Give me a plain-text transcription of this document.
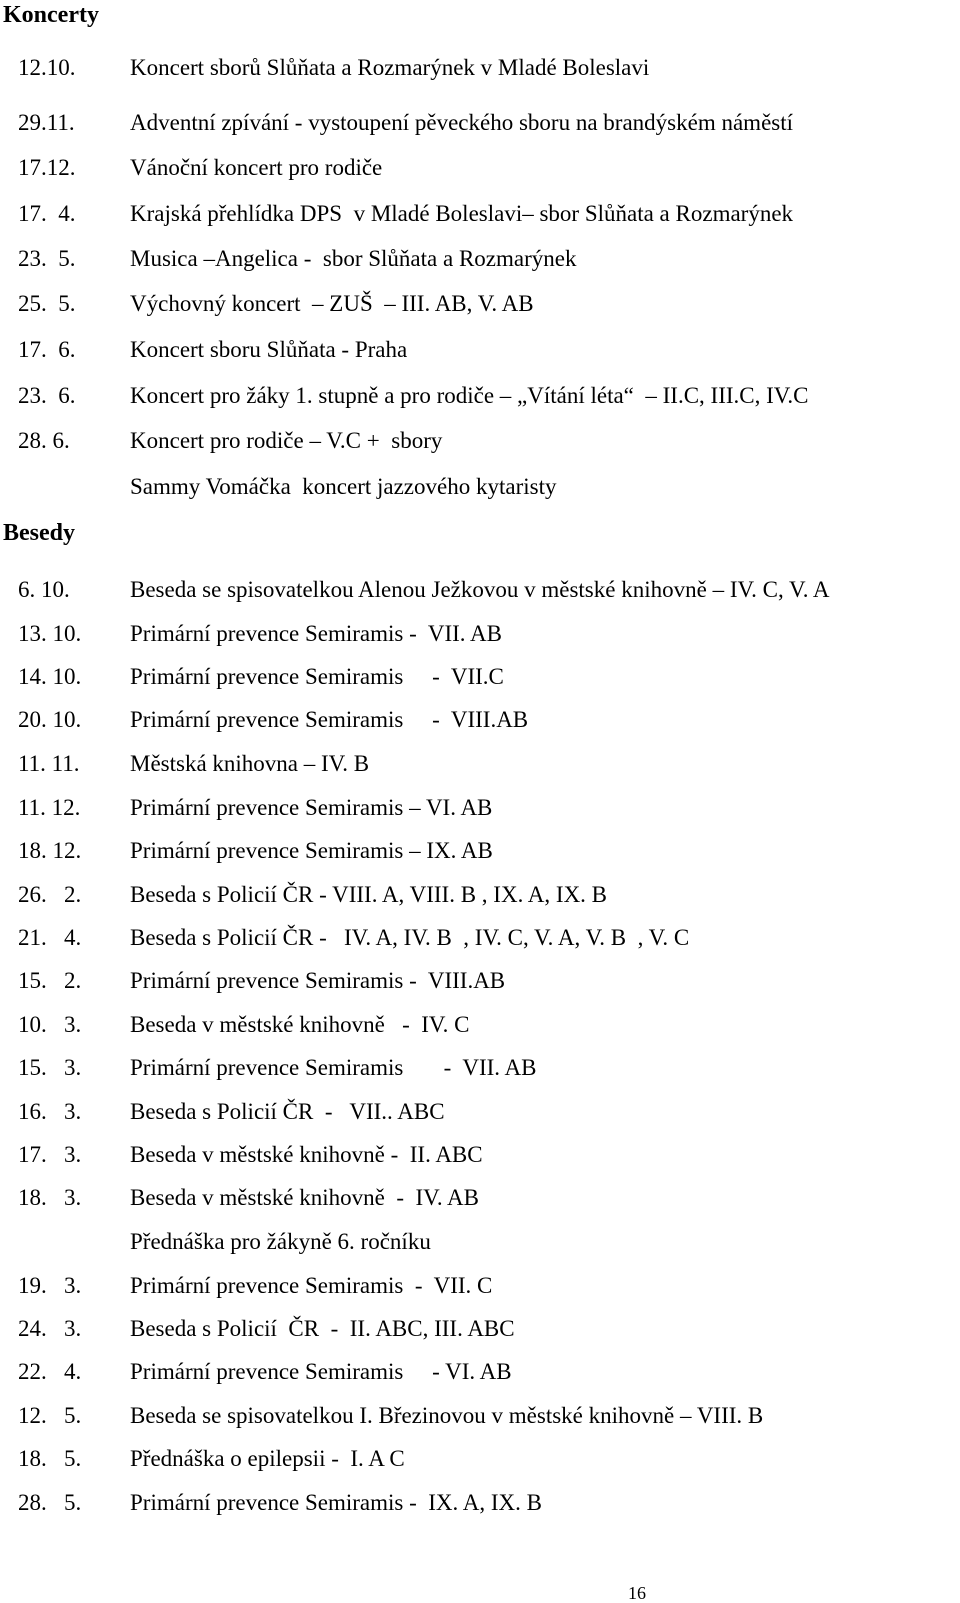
Koncerty
Besedy
12.10. Koncert sborů Slůňata a Rozmarýnek v Mladé Boleslavi
29.11. Adventní zpívání - vystoupení pěveckého sboru na brandýském náměstí
17.12. Vánoční koncert pro rodiče
17.  4. Krajská přehlídka DPS  v Mladé Boleslavi– sbor Slůňata a Rozmarýnek
23.  5. Musica –Angelica -  sbor Slůňata a Rozmarýnek
25.  5. Výchovný koncert  – ZUŠ  – III. AB, V. AB
17.  6. Koncert sboru Slůňata - Praha
23.  6. Koncert pro žáky 1. stupně a pro rodiče – „Vítání léta“  – II.C, III.C, IV.C
28. 6.	Koncert pro rodiče – V.C +  sbory
Sammy Vomáčka  koncert jazzového kytaristy
6. 10.	Beseda se spisovatelkou Alenou Ježkovou v městské knihovně – IV. C, V. A
13. 10. Primární prevence Semiramis -  VII. AB
14. 10. Primární prevence Semiramis     -  VII.C
20. 10. Primární prevence Semiramis     -  VIII.AB
11. 11. Městská knihovna – IV. B
11. 12. Primární prevence Semiramis – VI. AB
18. 12. Primární prevence Semiramis – IX. AB
26.   2. Beseda s Policií ČR - VIII. A, VIII. B , IX. A, IX. B
21.   4. Beseda s Policií ČR -   IV. A, IV. B  , IV. C, V. A, V. B  , V. C
15.   2. Primární prevence Semiramis -  VIII.AB
10.   3. Beseda v městské knihovně   -  IV. C
15.   3. Primární prevence Semiramis       -  VII. AB
16.   3. Beseda s Policií ČR  -   VII.. ABC
17.   3. Beseda v městské knihovně -  II. ABC
18.   3. Beseda v městské knihovně  -  IV. AB
Přednáška pro žákyně 6. ročníku
19.   3. Primární prevence Semiramis  -  VII. C
24.   3. Beseda s Policií  ČR  -  II. ABC, III. ABC
22.   4. Primární prevence Semiramis     - VI. AB
12.   5. Beseda se spisovatelkou I. Březinovou v městské knihovně – VIII. B
18.   5. Přednáška o epilepsii -  I. A C
28.   5. Primární prevence Semiramis -  IX. A, IX. B
16
